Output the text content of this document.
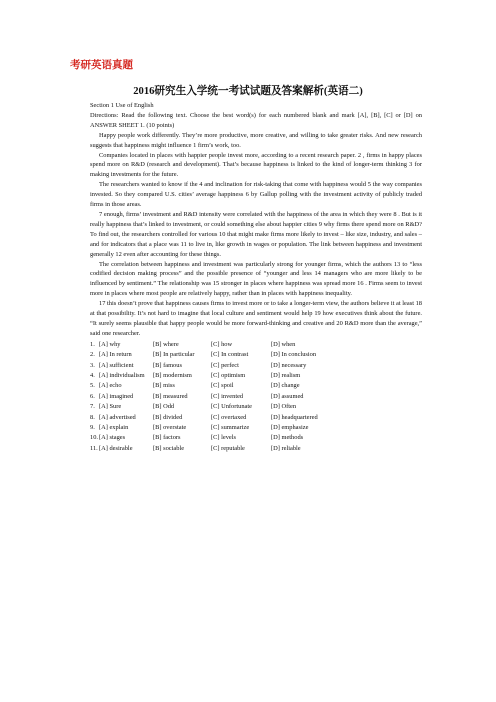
考研英语真题
2016研究生入学统一考试试题及答案解析(英语二)

Section 1 Use of English

Directions: Read the following text. Choose the best word(s) for each numbered blank and mark [A], [B], [C] or [D] on ANSWER SHEET 1. (10 points)

Happy people work differently. They’re more productive, more creative, and willing to take greater risks. And new research suggests that happiness might influence 1 firm’s work, too.

Companies located in places with happier people invest more, according to a recent research paper. 2 , firms in happy places spend more on R&D (research and development). That’s because happiness is linked to the kind of longer-term thinking 3 for making investments for the future.

The researchers wanted to know if the 4 and inclination for risk-taking that come with happiness would 5 the way companies invested. So they compared U.S. cities’ average happiness 6 by Gallup polling with the investment activity of publicly traded firms in those areas.

7 enough, firms’ investment and R&D intensity were correlated with the happiness of the area in which they were 8 . But is it really happiness that’s linked to investment, or could something else about happier cities 9 why firms there spend more on R&D? To find out, the researchers controlled for various 10 that might make firms more likely to invest – like size, industry, and sales – and for indicators that a place was 11 to live in, like growth in wages or population. The link between happiness and investment generally 12 even after accounting for these things.

The correlation between happiness and investment was particularly strong for younger firms, which the authors 13 to “less codified decision making process” and the possible presence of “younger and less 14 managers who are more likely to be influenced by sentiment.” The relationship was 15 stronger in places where happiness was spread more 16 . Firms seem to invest more in places where most people are relatively happy, rather than in places with happiness inequality.

17 this doesn’t prove that happiness causes firms to invest more or to take a longer-term view, the authors believe it at least 18 at that possibility. It’s not hard to imagine that local culture and sentiment would help 19 how executives think about the future. “It surely seems plausible that happy people would be more forward-thinking and creative and 20 R&D more than the average,” said one researcher.

1. [A] why	[B] where	[C] how	[D] when
2. [A] In return	[B] In particular	[C] In contrast	[D] In conclusion
3. [A] sufficient	[B] famous	[C] perfect	[D] necessary
4. [A] individualism	[B] modernism	[C] optimism	[D] realism
5. [A] echo	[B] miss	[C] spoil	[D] change
6. [A] imagined	[B] measured	[C] invented	[D] assumed
7. [A] Sure	[B] Odd	[C] Unfortunate	[D] Often
8. [A] advertised	[B] divided	[C] overtaxed	[D] headquartered
9. [A] explain	[B] overstate	[C] summarize	[D] emphasize
10. [A] stages	[B] factors	[C] levels	[D] methods
11. [A] desirable	[B] sociable	[C] reputable	[D] reliable
